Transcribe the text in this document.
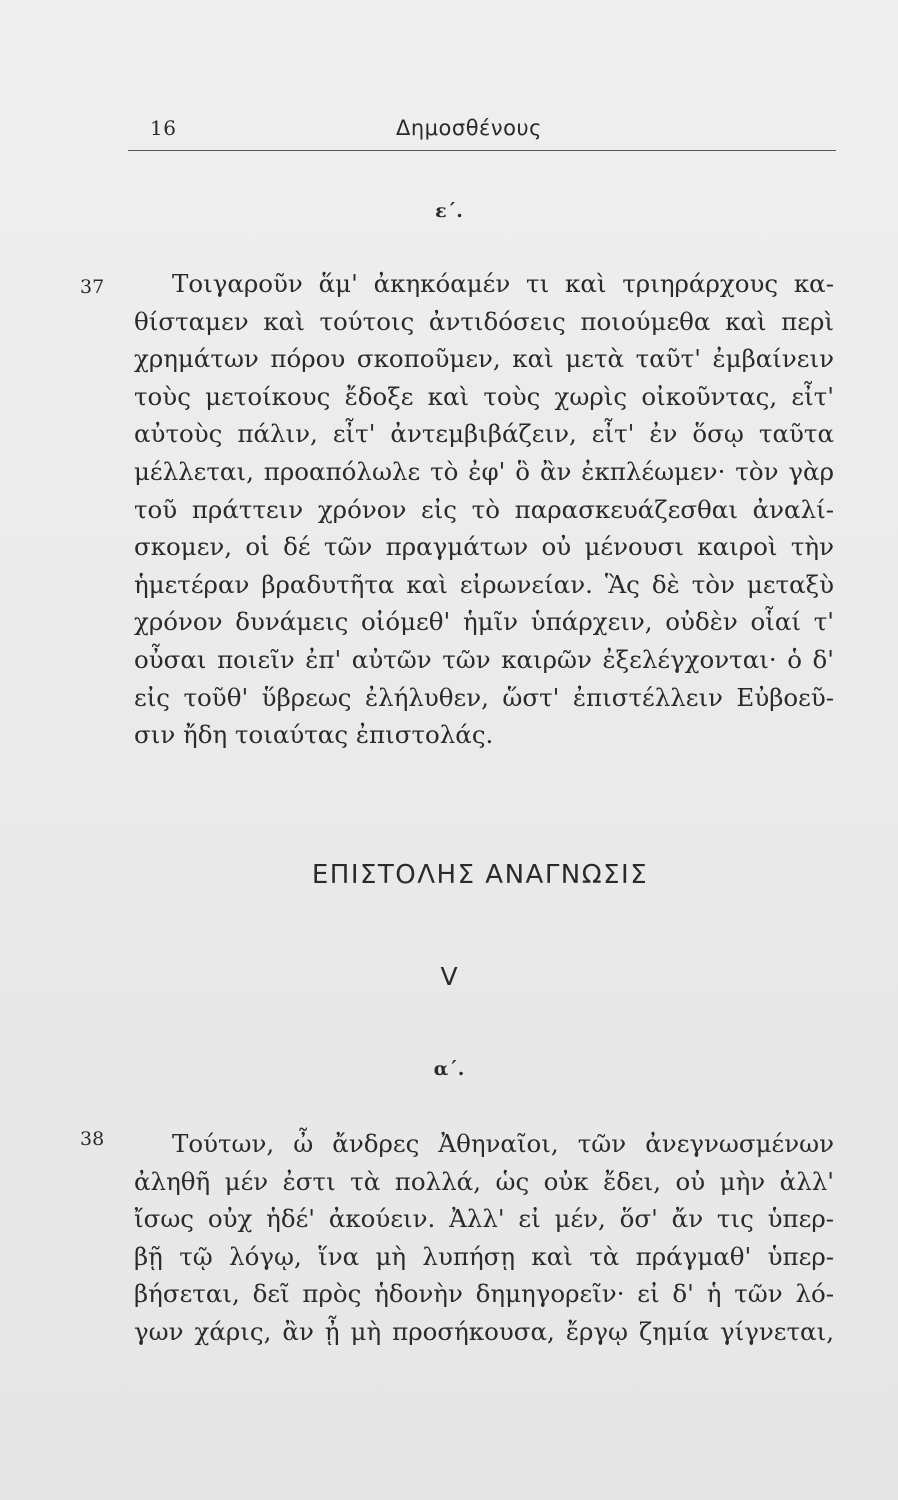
16	Δημοσθένους
ε΄.
37	Τοιγαροῦν ἅμ' ἀκηκόαμέν τι καὶ τριηράρχους κα-
θίσταμεν καὶ τούτοις ἀντιδόσεις ποιούμεθα καὶ περὶ
χρημάτων πόρου σκοποῦμεν, καὶ μετὰ ταῦτ' ἐμβαίνειν
τοὺς μετοίκους ἔδοξε καὶ τοὺς χωρὶς οἰκοῦντας, εἶτ'
αὐτοὺς πάλιν, εἶτ' ἀντεμβιβάζειν, εἶτ' ἐν ὅσῳ ταῦτα
μέλλεται, προαπόλωλε τὸ ἐφ' ὃ ἂν ἐκπλέωμεν· τὸν γὰρ
τοῦ πράττειν χρόνον εἰς τὸ παρασκευάζεσθαι ἀναλί-
σκομεν, οἱ δέ τῶν πραγμάτων οὐ μένουσι καιροὶ τὴν
ἡμετέραν βραδυτῆτα καὶ εἰρωνείαν. Ἃς δὲ τὸν μεταξὺ
χρόνον δυνάμεις οἰόμεθ' ἡμῖν ὑπάρχειν, οὐδὲν οἷαί τ'
οὖσαι ποιεῖν ἐπ' αὐτῶν τῶν καιρῶν ἐξελέγχονται· ὁ δ'
εἰς τοῦθ' ὕβρεως ἐλήλυθεν, ὥστ' ἐπιστέλλειν Εὐβοεῦ-
σιν ἤδη τοιαύτας ἐπιστολάς.
ΕΠΙΣΤΟΛΗΣ ΑΝΑΓΝΩΣΙΣ
V
α΄.
38	Τούτων, ὦ ἄνδρες Ἀθηναῖοι, τῶν ἀνεγνωσμένων
ἀληθῆ μέν ἐστι τὰ πολλά, ὡς οὐκ ἔδει, οὐ μὴν ἀλλ'
ἴσως οὐχ ἡδέ' ἀκούειν. Ἀλλ' εἰ μέν, ὅσ' ἄν τις ὑπερ-
βῇ τῷ λόγῳ, ἵνα μὴ λυπήσῃ καὶ τὰ πράγμαθ' ὑπερ-
βήσεται, δεῖ πρὸς ἡδονὴν δημηγορεῖν· εἰ δ' ἡ τῶν λό-
γων χάρις, ἂν ᾖ μὴ προσήκουσα, ἔργῳ ζημία γίγνεται,
